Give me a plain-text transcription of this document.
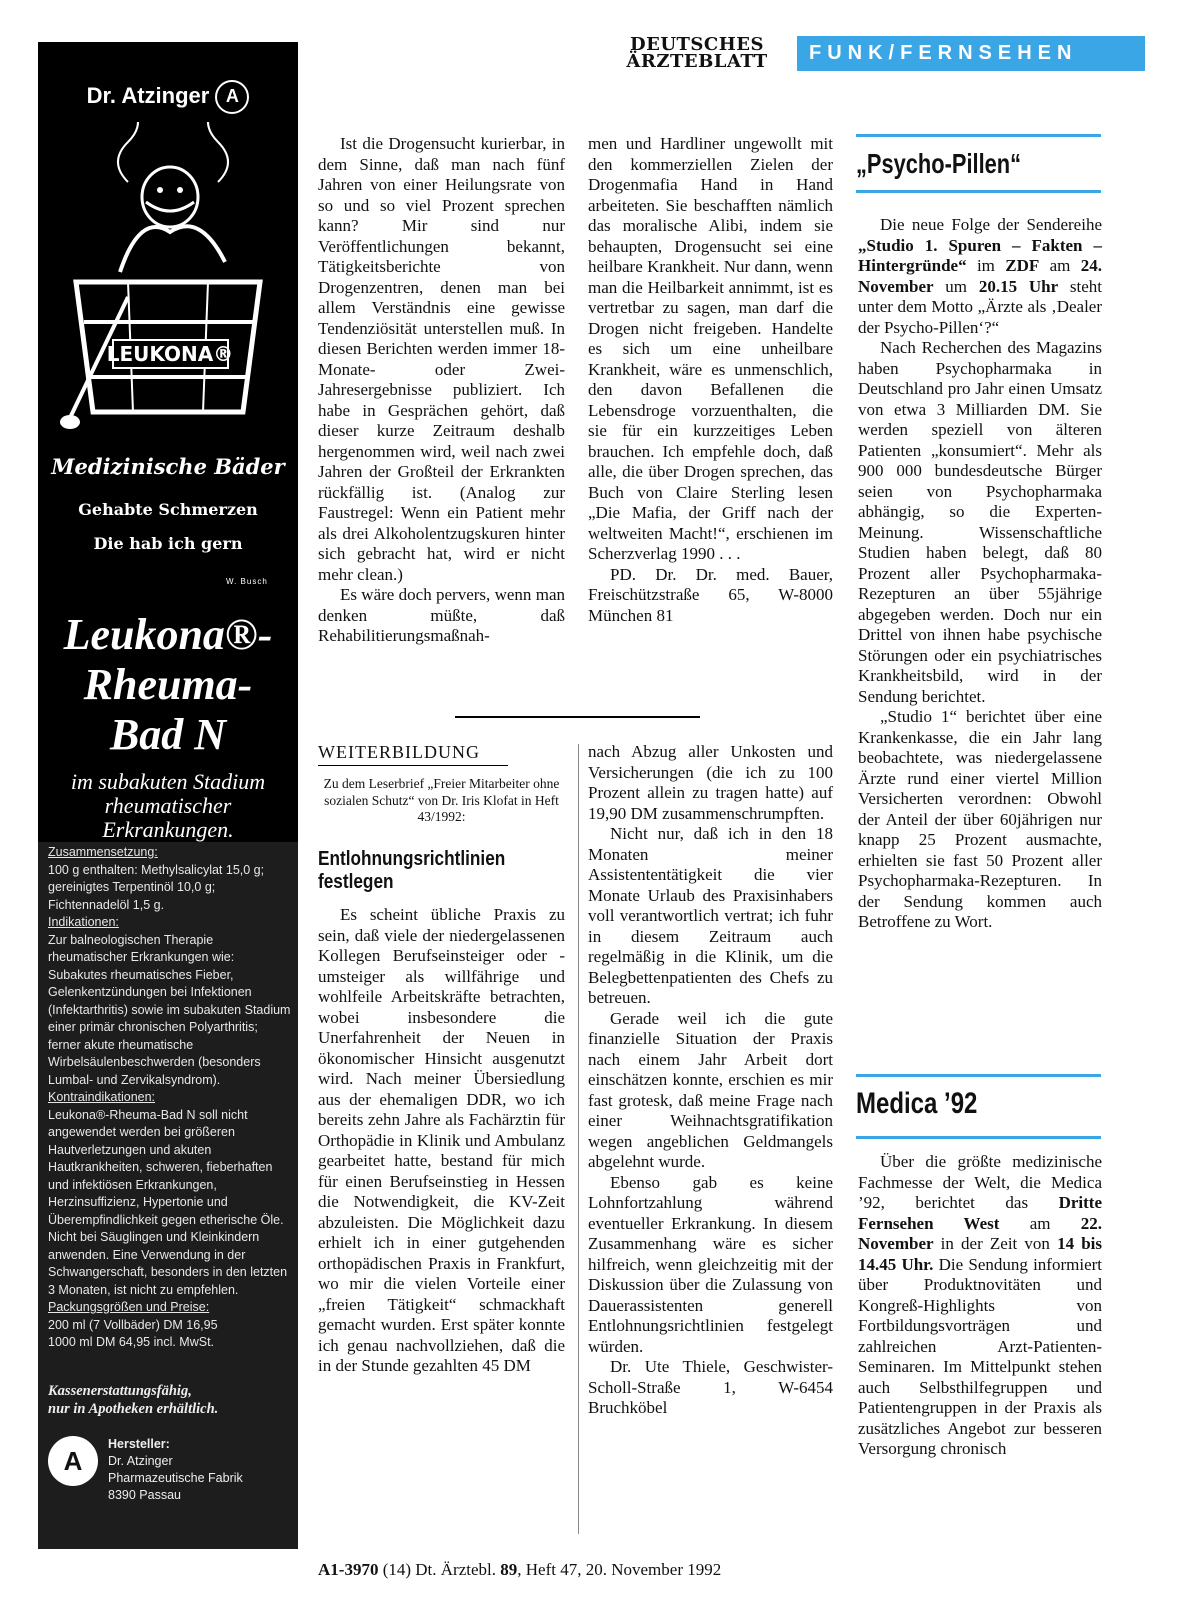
DEUTSCHES
ÄRZTEBLATT	FUNK/FERNSEHEN
Dr. Atzinger A
LEUKONA®
Medizinische Bäder
Gehabte Schmerzen
Die hab ich gern
W. Busch
Leukona®-
Rheuma-
Bad N
im subakuten Stadium
rheumatischer
Erkrankungen.
Zusammensetzung:
100 g enthalten: Methylsalicylat 15,0 g; gereinigtes Terpentinöl 10,0 g; Fichtennadelöl 1,5 g.
Indikationen:
Zur balneologischen Therapie rheumatischer Erkrankungen wie: Subakutes rheumatisches Fieber, Gelenkentzündungen bei Infektionen (Infektarthritis) sowie im subakuten Stadium einer primär chronischen Polyarthritis; ferner akute rheumatische Wirbelsäulenbeschwerden (besonders Lumbal- und Zervikalsyndrom).
Kontraindikationen:
Leukona®-Rheuma-Bad N soll nicht angewendet werden bei größeren Hautverletzungen und akuten Hautkrankheiten, schweren, fieberhaften und infektiösen Erkrankungen, Herzinsuffizienz, Hypertonie und Überempfindlichkeit gegen etherische Öle. Nicht bei Säuglingen und Kleinkindern anwenden. Eine Verwendung in der Schwangerschaft, besonders in den letzten 3 Monaten, ist nicht zu empfehlen.
Packungsgrößen und Preise:
200 ml (7 Vollbäder) DM 16,95
1000 ml DM 64,95 incl. MwSt.
Kassenerstattungsfähig,
nur in Apotheken erhältlich.
A
Hersteller:
Dr. Atzinger
Pharmazeutische Fabrik
8390 Passau

Ist die Drogensucht kurierbar, in dem Sinne, daß man nach fünf Jahren von einer Heilungsrate von so und so viel Prozent sprechen kann? Mir sind nur Veröffentlichungen bekannt, Tätigkeitsberichte von Drogenzentren, denen man bei allem Verständnis eine gewisse Tendenziösität unterstellen muß. In diesen Berichten werden immer 18-Monate- oder Zwei-Jahresergebnisse publiziert. Ich habe in Gesprächen gehört, daß dieser kurze Zeitraum deshalb hergenommen wird, weil nach zwei Jahren der Großteil der Erkrankten rückfällig ist. (Analog zur Faustregel: Wenn ein Patient mehr als drei Alkoholentzugskuren hinter sich gebracht hat, wird er nicht mehr clean.)

Es wäre doch pervers, wenn man denken müßte, daß Rehabilitierungsmaßnah-

men und Hardliner ungewollt mit den kommerziellen Zielen der Drogenmafia Hand in Hand arbeiteten. Sie beschafften nämlich das moralische Alibi, indem sie behaupten, Drogensucht sei eine heilbare Krankheit. Nur dann, wenn man die Heilbarkeit annimmt, ist es vertretbar zu sagen, man darf die Drogen nicht freigeben. Handelte es sich um eine unheilbare Krankheit, wäre es unmenschlich, den davon Befallenen die Lebensdroge vorzuenthalten, die sie für ein kurzzeitiges Leben brauchen. Ich empfehle doch, daß alle, die über Drogen sprechen, das Buch von Claire Sterling lesen „Die Mafia, der Griff nach der weltweiten Macht!“, erschienen im Scherzverlag 1990 . . .

PD. Dr. Dr. med. Bauer, Freischützstraße 65, W-8000 München 81

WEITERBILDUNG
Zu dem Leserbrief „Freier Mitarbeiter ohne sozialen Schutz“ von Dr. Iris Klofat in Heft 43/1992:
Entlohnungsrichtlinien festlegen

Es scheint übliche Praxis zu sein, daß viele der niedergelassenen Kollegen Berufseinsteiger oder -umsteiger als willfährige und wohlfeile Arbeitskräfte betrachten, wobei insbesondere die Unerfahrenheit der Neuen in ökonomischer Hinsicht ausgenutzt wird. Nach meiner Übersiedlung aus der ehemaligen DDR, wo ich bereits zehn Jahre als Fachärztin für Orthopädie in Klinik und Ambulanz gearbeitet hatte, bestand für mich für einen Berufseinstieg in Hessen die Notwendigkeit, die KV-Zeit abzuleisten. Die Möglichkeit dazu erhielt ich in einer gutgehenden orthopädischen Praxis in Frankfurt, wo mir die vielen Vorteile einer „freien Tätigkeit“ schmackhaft gemacht wurden. Erst später konnte ich genau nachvollziehen, daß die in der Stunde gezahlten 45 DM

nach Abzug aller Unkosten und Versicherungen (die ich zu 100 Prozent allein zu tragen hatte) auf 19,90 DM zusammenschrumpften.

Nicht nur, daß ich in den 18 Monaten meiner Assistententätigkeit die vier Monate Urlaub des Praxisinhabers voll verantwortlich vertrat; ich fuhr in diesem Zeitraum auch regelmäßig in die Klinik, um die Belegbettenpatienten des Chefs zu betreuen.

Gerade weil ich die gute finanzielle Situation der Praxis nach einem Jahr Arbeit dort einschätzen konnte, erschien es mir fast grotesk, daß meine Frage nach einer Weihnachtsgratifikation wegen angeblichen Geldmangels abgelehnt wurde.

Ebenso gab es keine Lohnfortzahlung während eventueller Erkrankung. In diesem Zusammenhang wäre es sicher hilfreich, wenn gleichzeitig mit der Diskussion über die Zulassung von Dauerassistenten generell Entlohnungsrichtlinien festgelegt würden.

Dr. Ute Thiele, Geschwister-Scholl-Straße 1, W-6454 Bruchköbel

„Psycho-Pillen“

Die neue Folge der Sendereihe „Studio 1. Spuren – Fakten – Hintergründe“ im ZDF am 24. November um 20.15 Uhr steht unter dem Motto „Ärzte als ‚Dealer der Psycho-Pillen‘?“

Nach Recherchen des Magazins haben Psychopharmaka in Deutschland pro Jahr einen Umsatz von etwa 3 Milliarden DM. Sie werden speziell von älteren Patienten „konsumiert“. Mehr als 900 000 bundesdeutsche Bürger seien von Psychopharmaka abhängig, so die Experten-Meinung. Wissenschaftliche Studien haben belegt, daß 80 Prozent aller Psychopharmaka-Rezepturen an über 55jährige abgegeben werden. Doch nur ein Drittel von ihnen habe psychische Störungen oder ein psychiatrisches Krankheitsbild, wird in der Sendung berichtet.

„Studio 1“ berichtet über eine Krankenkasse, die ein Jahr lang beobachtete, was niedergelassene Ärzte rund einer viertel Million Versicherten verordnen: Obwohl der Anteil der über 60jährigen nur knapp 25 Prozent ausmachte, erhielten sie fast 50 Prozent aller Psychopharmaka-Rezepturen. In der Sendung kommen auch Betroffene zu Wort.

Medica ’92

Über die größte medizinische Fachmesse der Welt, die Medica ’92, berichtet das Dritte Fernsehen West am 22. November in der Zeit von 14 bis 14.45 Uhr. Die Sendung informiert über Produktnovitäten und Kongreß-Highlights von Fortbildungsvorträgen und zahlreichen Arzt-Patienten-Seminaren. Im Mittelpunkt stehen auch Selbsthilfegruppen und Patientengruppen in der Praxis als zusätzliches Angebot zur besseren Versorgung chronisch

A1-3970 (14) Dt. Ärztebl. 89, Heft 47, 20. November 1992
